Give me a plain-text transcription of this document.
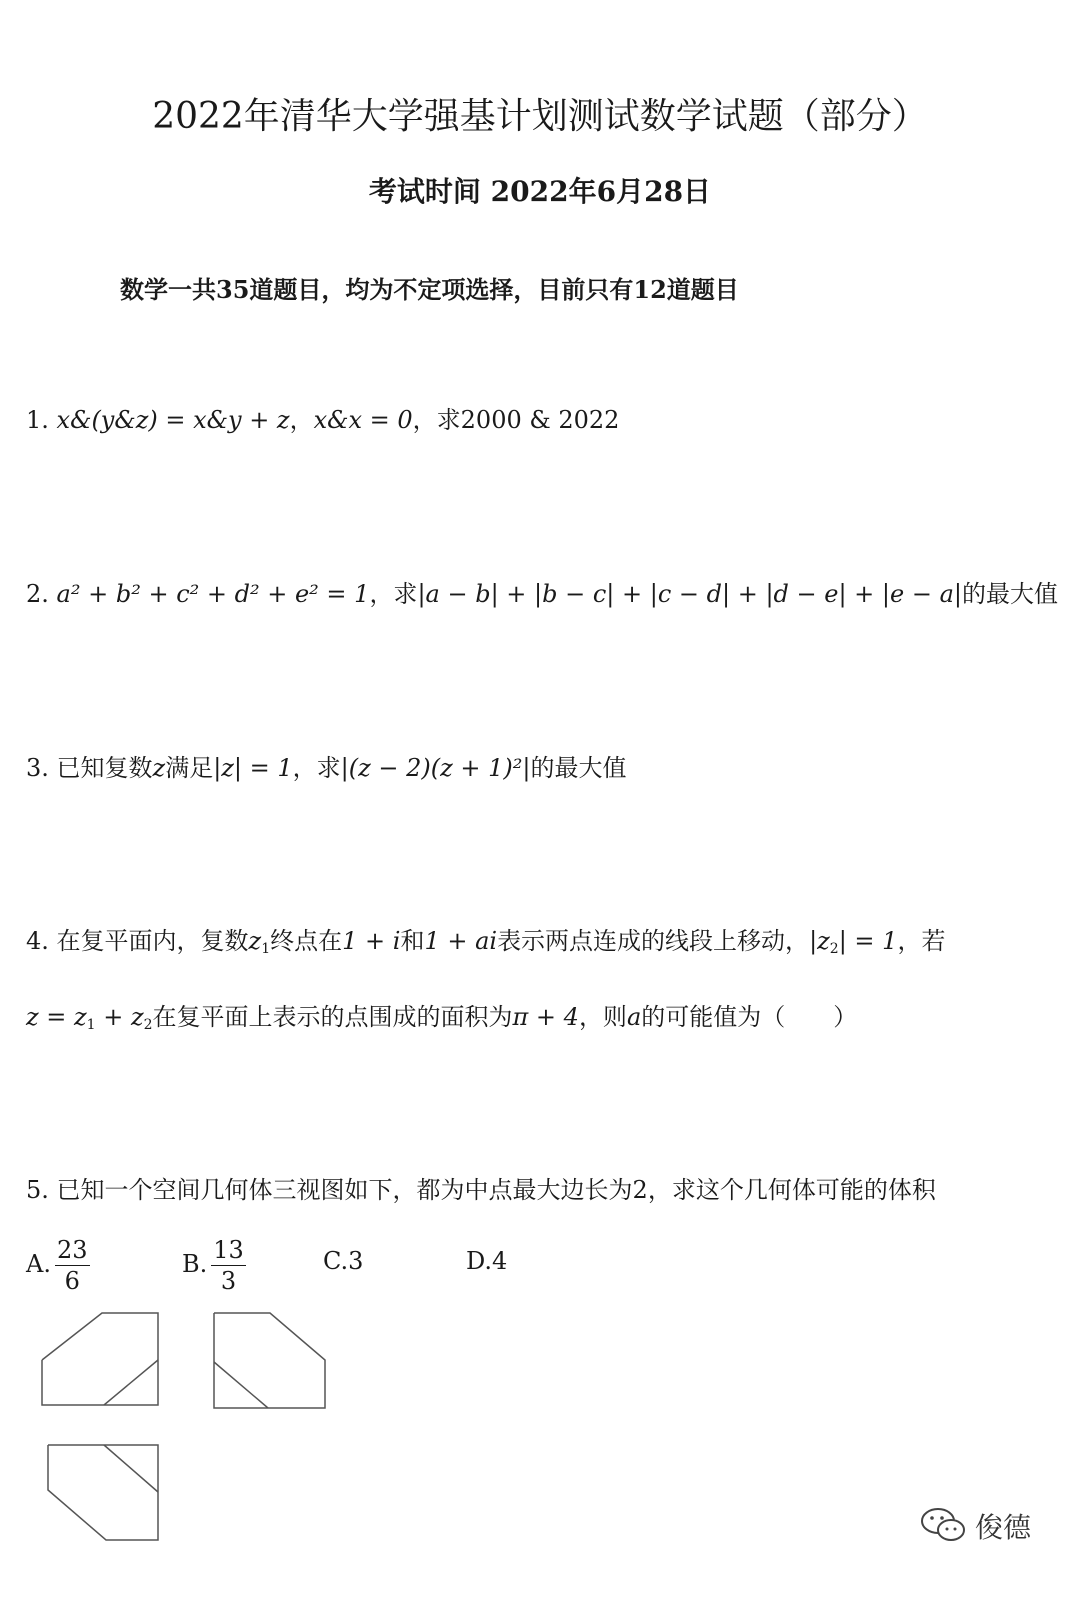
2022年清华大学强基计划测试数学试题（部分）
考试时间 2022年6月28日
数学一共35道题目，均为不定项选择，目前只有12道题目
1. x&(y&z) = x&y + z，x&x = 0，求2000 & 2022
2. a² + b² + c² + d² + e² = 1，求|a − b| + |b − c| + |c − d| + |d − e| + |e − a|的最大值
3. 已知复数z满足|z| = 1，求|(z − 2)(z + 1)²|的最大值
4. 在复平面内，复数$z_1$终点在1 + i和1 + ai表示两点连成的线段上移动，$|z_2| = 1$，若
$z = z_1 + z_2$在复平面上表示的点围成的面积为π + 4，则a的可能值为（　　）
5. 已知一个空间几何体三视图如下，都为中点最大边长为2，求这个几何体可能的体积
A. $\frac{23}{6}$	B. $\frac{13}{3}$	C.3	D.4
俊德
